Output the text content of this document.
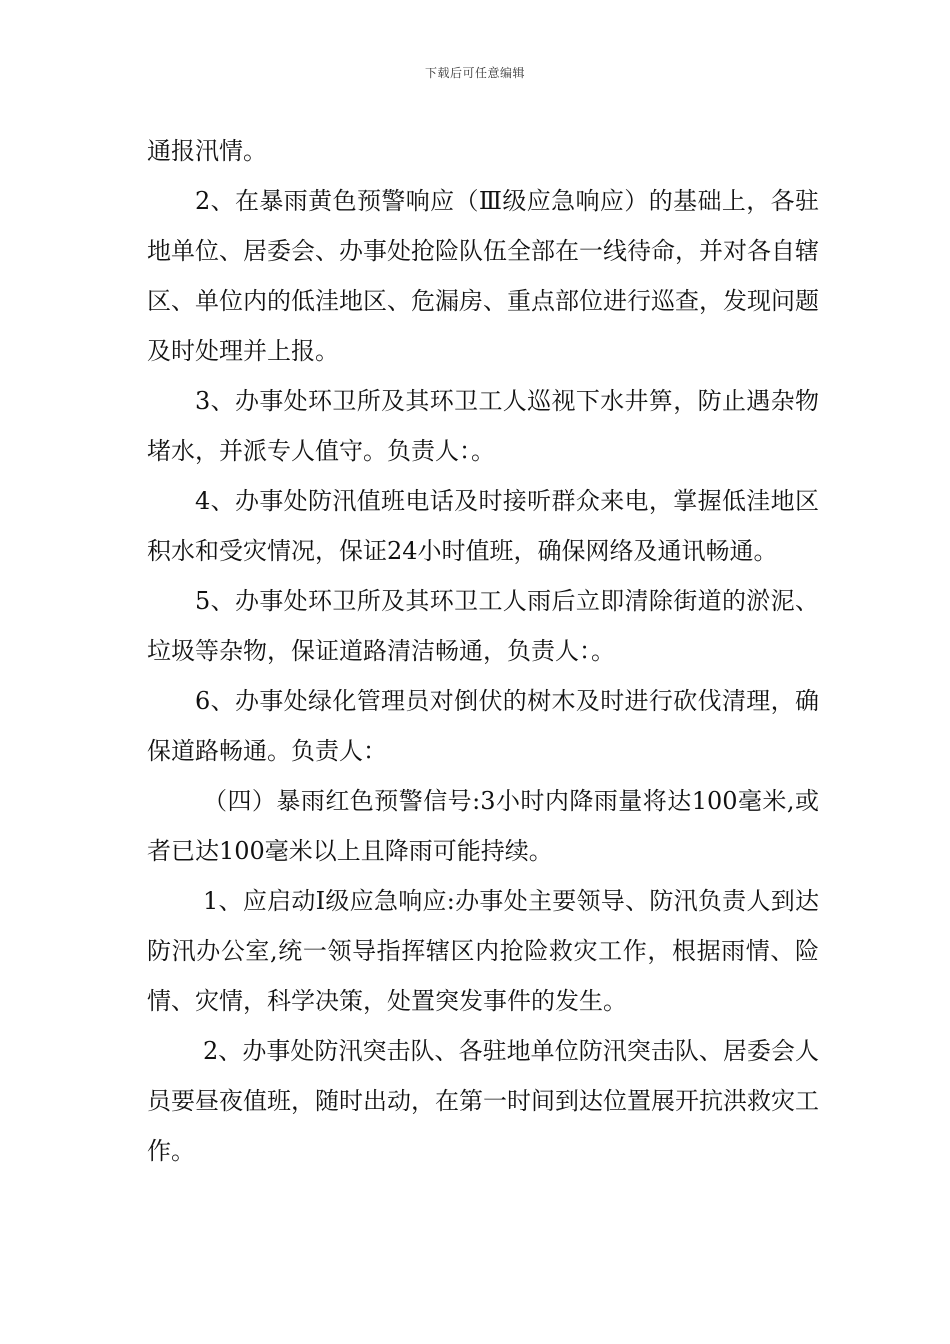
下载后可任意编辑

通报汛情。

2、在暴雨黄色预警响应（Ⅲ级应急响应）的基础上，各驻地单位、居委会、办事处抢险队伍全部在一线待命，并对各自辖区、单位内的低洼地区、危漏房、重点部位进行巡查，发现问题及时处理并上报。

3、办事处环卫所及其环卫工人巡视下水井箅，防止遇杂物堵水，并派专人值守。负责人：。

4、办事处防汛值班电话及时接听群众来电，掌握低洼地区积水和受灾情况，保证24小时值班，确保网络及通讯畅通。

5、办事处环卫所及其环卫工人雨后立即清除街道的淤泥、垃圾等杂物，保证道路清洁畅通，负责人：。

6、办事处绿化管理员对倒伏的树木及时进行砍伐清理，确保道路畅通。负责人：

（四）暴雨红色预警信号:3小时内降雨量将达100毫米,或者已达100毫米以上且降雨可能持续。

1、应启动Ⅰ级应急响应:办事处主要领导、防汛负责人到达防汛办公室,统一领导指挥辖区内抢险救灾工作，根据雨情、险情、灾情，科学决策，处置突发事件的发生。

2、办事处防汛突击队、各驻地单位防汛突击队、居委会人员要昼夜值班，随时出动，在第一时间到达位置展开抗洪救灾工作。
